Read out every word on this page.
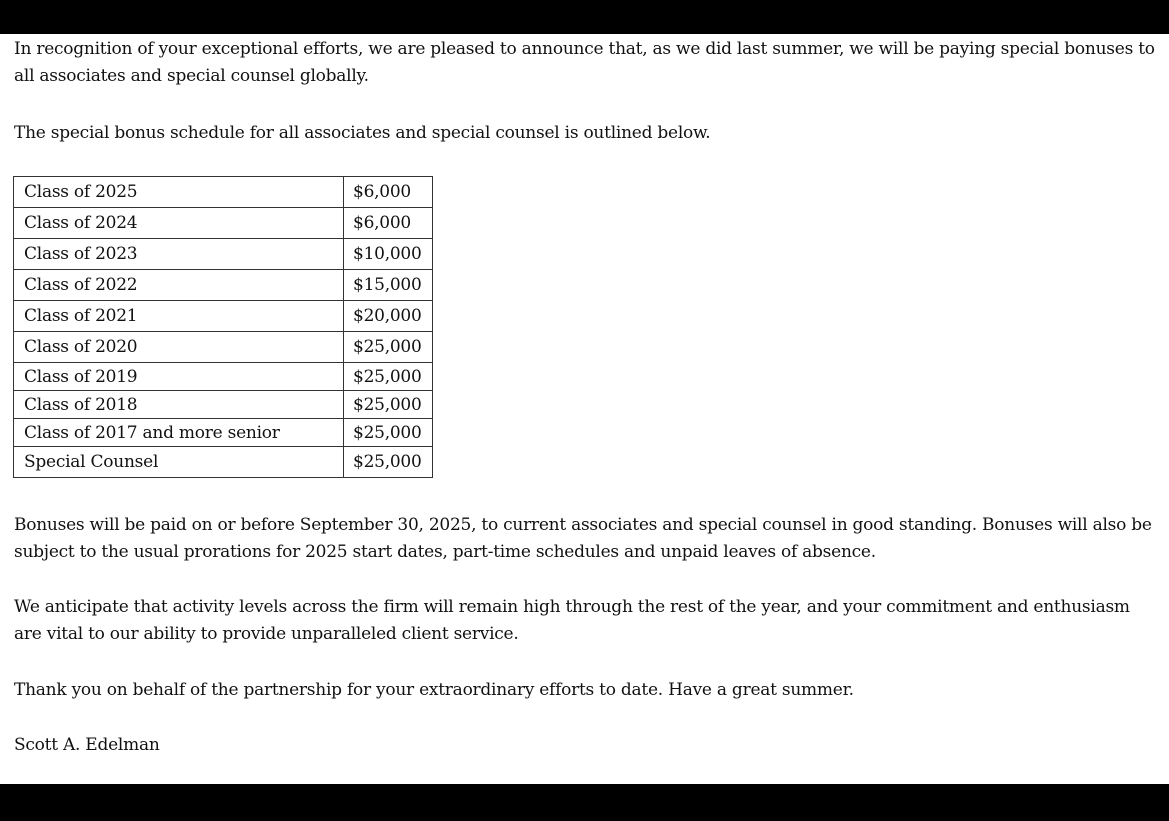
In recognition of your exceptional efforts, we are pleased to announce that, as we did last summer, we will be paying special bonuses to all associates and special counsel globally.

The special bonus schedule for all associates and special counsel is outlined below.

Class of 2025	$6,000
Class of 2024	$6,000
Class of 2023	$10,000
Class of 2022	$15,000
Class of 2021	$20,000
Class of 2020	$25,000
Class of 2019	$25,000
Class of 2018	$25,000
Class of 2017 and more senior	$25,000
Special Counsel	$25,000

Bonuses will be paid on or before September 30, 2025, to current associates and special counsel in good standing. Bonuses will also be subject to the usual prorations for 2025 start dates, part-time schedules and unpaid leaves of absence.

We anticipate that activity levels across the firm will remain high through the rest of the year, and your commitment and enthusiasm are vital to our ability to provide unparalleled client service.

Thank you on behalf of the partnership for your extraordinary efforts to date. Have a great summer.

Scott A. Edelman
